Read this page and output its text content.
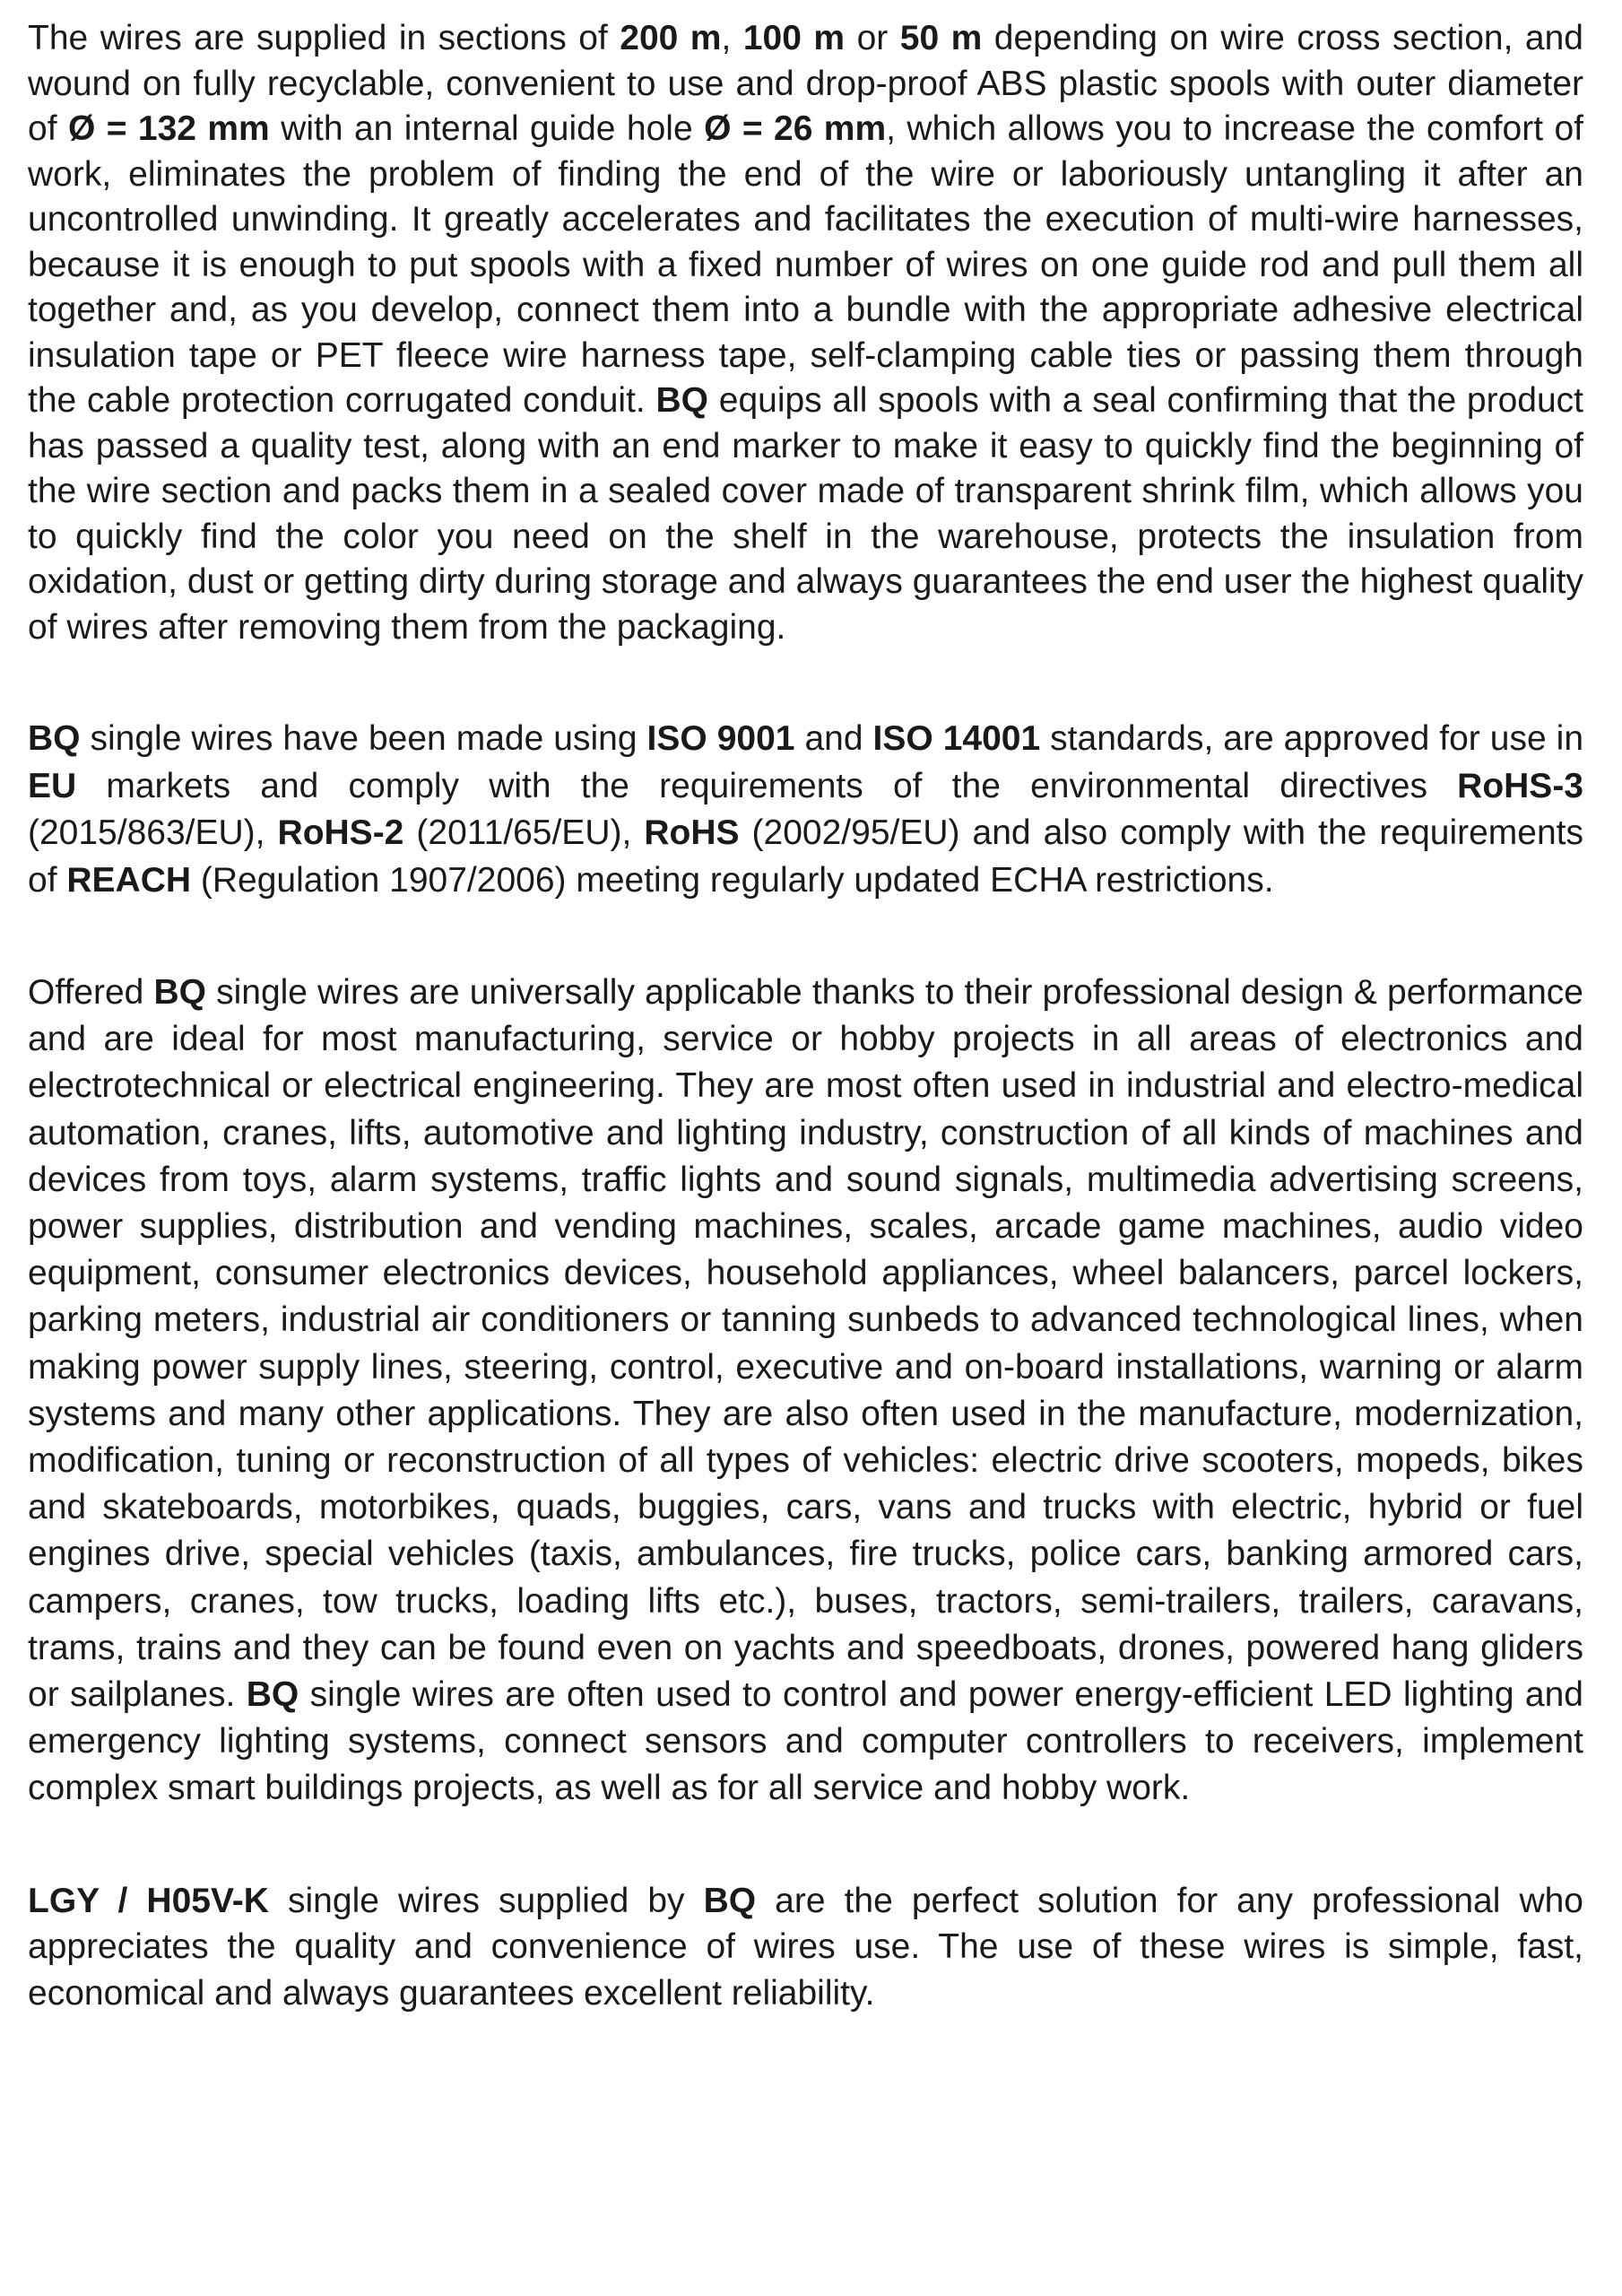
The wires are supplied in sections of 200 m, 100 m or 50 m depending on wire cross section, and wound on fully recyclable, convenient to use and drop-proof ABS plastic spools with outer diameter of Ø = 132 mm with an internal guide hole Ø = 26 mm, which allows you to increase the comfort of work, eliminates the problem of finding the end of the wire or laboriously untangling it after an uncontrolled unwinding. It greatly accelerates and facilitates the execution of multi-wire harnesses, because it is enough to put spools with a fixed number of wires on one guide rod and pull them all together and, as you develop, connect them into a bundle with the appropriate adhesive electrical insulation tape or PET fleece wire harness tape, self-clamping cable ties or passing them through the cable protection corrugated conduit. BQ equips all spools with a seal confirming that the product has passed a quality test, along with an end marker to make it easy to quickly find the beginning of the wire section and packs them in a sealed cover made of transparent shrink film, which allows you to quickly find the color you need on the shelf in the warehouse, protects the insulation from oxidation, dust or getting dirty during storage and always guarantees the end user the highest quality of wires after removing them from the packaging.

BQ single wires have been made using ISO 9001 and ISO 14001 standards, are approved for use in EU markets and comply with the requirements of the environmental directives RoHS-3 (2015/863/EU), RoHS-2 (2011/65/EU), RoHS (2002/95/EU) and also comply with the requirements of REACH (Regulation 1907/2006) meeting regularly updated ECHA restrictions.

Offered BQ single wires are universally applicable thanks to their professional design & performance and are ideal for most manufacturing, service or hobby projects in all areas of electronics and electrotechnical or electrical engineering. They are most often used in industrial and electro-medical automation, cranes, lifts, automotive and lighting industry, construction of all kinds of machines and devices from toys, alarm systems, traffic lights and sound signals, multimedia advertising screens, power supplies, distribution and vending machines, scales, arcade game machines, audio video equipment, consumer electronics devices, household appliances, wheel balancers, parcel lockers, parking meters, industrial air conditioners or tanning sunbeds to advanced technological lines, when making power supply lines, steering, control, executive and on-board installations, warning or alarm systems and many other applications. They are also often used in the manufacture, modernization, modification, tuning or reconstruction of all types of vehicles: electric drive scooters, mopeds, bikes and skateboards, motorbikes, quads, buggies, cars, vans and trucks with electric, hybrid or fuel engines drive, special vehicles (taxis, ambulances, fire trucks, police cars, banking armored cars, campers, cranes, tow trucks, loading lifts etc.), buses, tractors, semi-trailers, trailers, caravans, trams, trains and they can be found even on yachts and speedboats, drones, powered hang gliders or sailplanes. BQ single wires are often used to control and power energy-efficient LED lighting and emergency lighting systems, connect sensors and computer controllers to receivers, implement complex smart buildings projects, as well as for all service and hobby work.

LGY / H05V-K single wires supplied by BQ are the perfect solution for any professional who appreciates the quality and convenience of wires use. The use of these wires is simple, fast, economical and always guarantees excellent reliability.
